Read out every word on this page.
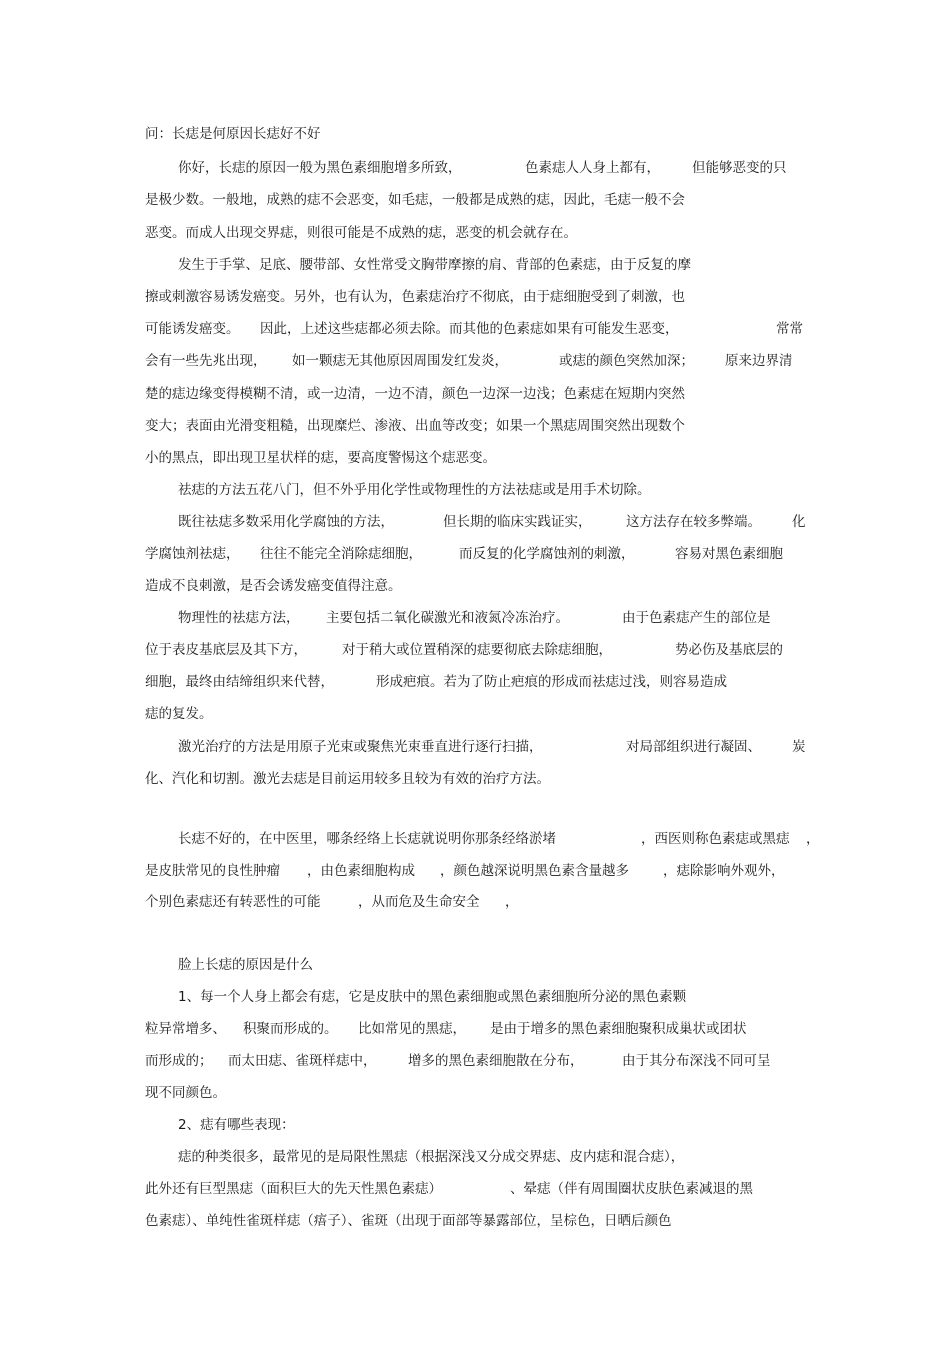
问：长痣是何原因长痣好不好

你好，长痣的原因一般为黑色素细胞增多所致，

	色素痣人人身上都有，

但能够恶变的只

是极少数。一般地，成熟的痣不会恶变，如毛痣，一般都是成熟的痣，因此，毛痣一般不会

恶变。而成人出现交界痣，则很可能是不成熟的痣，恶变的机会就存在。

发生于手掌、足底、腰带部、女性常受文胸带摩擦的肩、背部的色素痣，由于反复的摩

擦或刺激容易诱发癌变。另外，也有认为，色素痣治疗不彻底，由于痣细胞受到了刺激，也

可能诱发癌变。

因此，上述这些痣都必须去除。而其他的色素痣如果有可能发生恶变，

	常常

会有一些先兆出现，

如一颗痣无其他原因周围发红发炎，

	或痣的颜色突然加深；

原来边界清

楚的痣边缘变得模糊不清，或一边清，一边不清，颜色一边深一边浅；色素痣在短期内突然

变大；表面由光滑变粗糙，出现糜烂、渗液、出血等改变；如果一个黑痣周围突然出现数个

小的黑点，即出现卫星状样的痣，要高度警惕这个痣恶变。

祛痣的方法五花八门，但不外乎用化学性或物理性的方法祛痣或是用手术切除。

既往祛痣多数采用化学腐蚀的方法，

	但长期的临床实践证实，

	这方法存在较多弊端。

化

学腐蚀剂祛痣，

往往不能完全消除痣细胞，

	而反复的化学腐蚀剂的刺激，

	容易对黑色素细胞

造成不良刺激，是否会诱发癌变值得注意。

物理性的祛痣方法，

主要包括二氧化碳激光和液氮冷冻治疗。

	由于色素痣产生的部位是

位于表皮基底层及其下方，

	对于稍大或位置稍深的痣要彻底去除痣细胞，

	势必伤及基底层的

细胞，最终由结缔组织来代替，

	形成疤痕。若为了防止疤痕的形成而祛痣过浅，则容易造成

痣的复发。

激光治疗的方法是用原子光束或聚焦光束垂直进行逐行扫描，

	对局部组织进行凝固、

炭

化、汽化和切割。激光去痣是目前运用较多且较为有效的治疗方法。

长痣不好的，在中医里，哪条经络上长痣就说明你那条经络淤堵

	，西医则称色素痣或黑痣

，

是皮肤常见的良性肿瘤

，由色素细胞构成

，颜色越深说明黑色素含量越多

	，痣除影响外观外，

个别色素痣还有转恶性的可能

	，从而危及生命安全

，

脸上长痣的原因是什么

1、每一个人身上都会有痣，它是皮肤中的黑色素细胞或黑色素细胞所分泌的黑色素颗

粒异常增多、

积聚而形成的。

比如常见的黑痣，

是由于增多的黑色素细胞聚积成巢状或团状

而形成的；

而太田痣、雀斑样痣中，

增多的黑色素细胞散在分布，

	由于其分布深浅不同可呈

现不同颜色。

2、痣有哪些表现：

痣的种类很多，最常见的是局限性黑痣（根据深浅又分成交界痣、皮内痣和混合痣），

此外还有巨型黑痣（面积巨大的先天性黑色素痣）

	、晕痣（伴有周围圈状皮肤色素减退的黑

色素痣）、单纯性雀斑样痣（痦子）、雀斑（出现于面部等暴露部位，呈棕色，日晒后颜色
